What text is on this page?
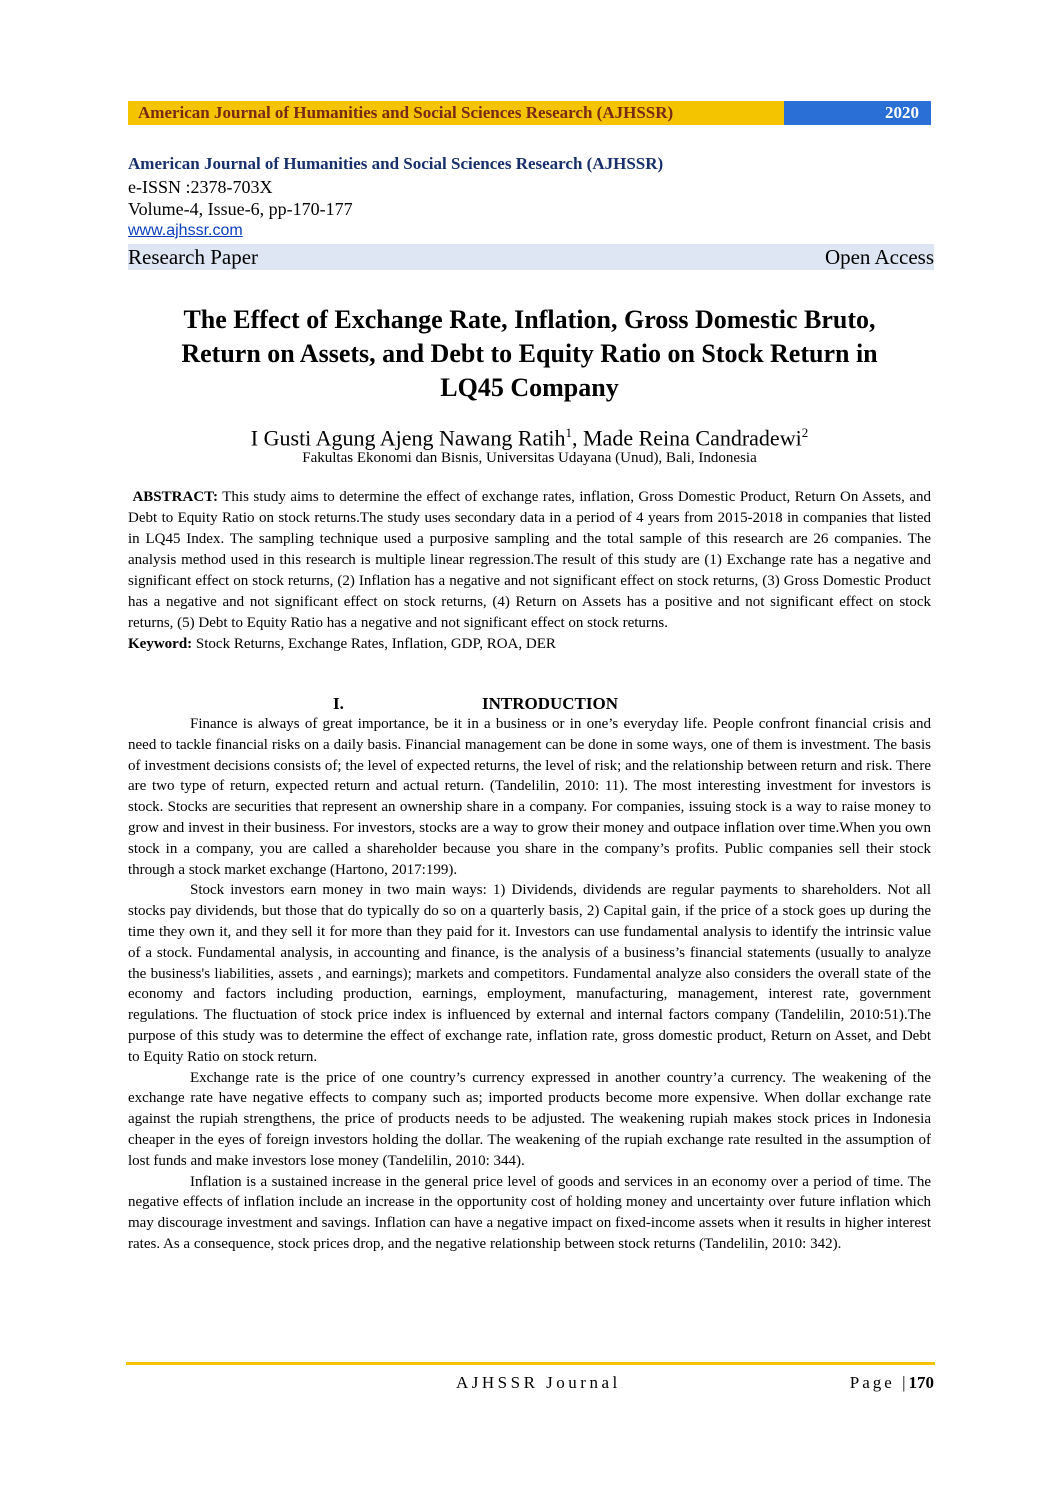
American Journal of Humanities and Social Sciences Research (AJHSSR)	2020
American Journal of Humanities and Social Sciences Research (AJHSSR)
e-ISSN :2378-703X
Volume-4, Issue-6, pp-170-177
www.ajhssr.com
Research Paper	Open Access
The Effect of Exchange Rate, Inflation, Gross Domestic Bruto,
Return on Assets, and Debt to Equity Ratio on Stock Return in
LQ45 Company
I Gusti Agung Ajeng Nawang Ratih$^1$, Made Reina Candradewi$^2$
Fakultas Ekonomi dan Bisnis, Universitas Udayana (Unud), Bali, Indonesia
ABSTRACT: This study aims to determine the effect of exchange rates, inflation, Gross Domestic Product, Return On Assets, and Debt to Equity Ratio on stock returns.The study uses secondary data in a period of 4 years from 2015-2018 in companies that listed in LQ45 Index. The sampling technique used a purposive sampling and the total sample of this research are 26 companies. The analysis method used in this research is multiple linear regression.The result of this study are (1) Exchange rate has a negative and significant effect on stock returns, (2) Inflation has a negative and not significant effect on stock returns, (3) Gross Domestic Product has a negative and not significant effect on stock returns, (4) Return on Assets has a positive and not significant effect on stock returns, (5) Debt to Equity Ratio has a negative and not significant effect on stock returns.
Keyword: Stock Returns, Exchange Rates, Inflation, GDP, ROA, DER
I.	INTRODUCTION

Finance is always of great importance, be it in a business or in one’s everyday life. People confront financial crisis and need to tackle financial risks on a daily basis. Financial management can be done in some ways, one of them is investment. The basis of investment decisions consists of; the level of expected returns, the level of risk; and the relationship between return and risk. There are two type of return, expected return and actual return. (Tandelilin, 2010: 11). The most interesting investment for investors is stock. Stocks are securities that represent an ownership share in a company. For companies, issuing stock is a way to raise money to grow and invest in their business. For investors, stocks are a way to grow their money and outpace inflation over time.When you own stock in a company, you are called a shareholder because you share in the company’s profits. Public companies sell their stock through a stock market exchange (Hartono, 2017:199).

Stock investors earn money in two main ways: 1) Dividends, dividends are regular payments to shareholders. Not all stocks pay dividends, but those that do typically do so on a quarterly basis, 2) Capital gain, if the price of a stock goes up during the time they own it, and they sell it for more than they paid for it. Investors can use fundamental analysis to identify the intrinsic value of a stock. Fundamental analysis, in accounting and finance, is the analysis of a business’s financial statements (usually to analyze the business's liabilities, assets , and earnings); markets and competitors. Fundamental analyze also considers the overall state of the economy and factors including production, earnings, employment, manufacturing, management, interest rate, government regulations. The fluctuation of stock price index is influenced by external and internal factors company (Tandelilin, 2010:51).The purpose of this study was to determine the effect of exchange rate, inflation rate, gross domestic product, Return on Asset, and Debt to Equity Ratio on stock return.

Exchange rate is the price of one country’s currency expressed in another country’a currency. The weakening of the exchange rate have negative effects to company such as; imported products become more expensive. When dollar exchange rate against the rupiah strengthens, the price of products needs to be adjusted. The weakening rupiah makes stock prices in Indonesia cheaper in the eyes of foreign investors holding the dollar. The weakening of the rupiah exchange rate resulted in the assumption of lost funds and make investors lose money (Tandelilin, 2010: 344).

Inflation is a sustained increase in the general price level of goods and services in an economy over a period of time. The negative effects of inflation include an increase in the opportunity cost of holding money and uncertainty over future inflation which may discourage investment and savings. Inflation can have a negative impact on fixed-income assets when it results in higher interest rates. As a consequence, stock prices drop, and the negative relationship between stock returns (Tandelilin, 2010: 342).

AJHSSR Journal	Page |170
